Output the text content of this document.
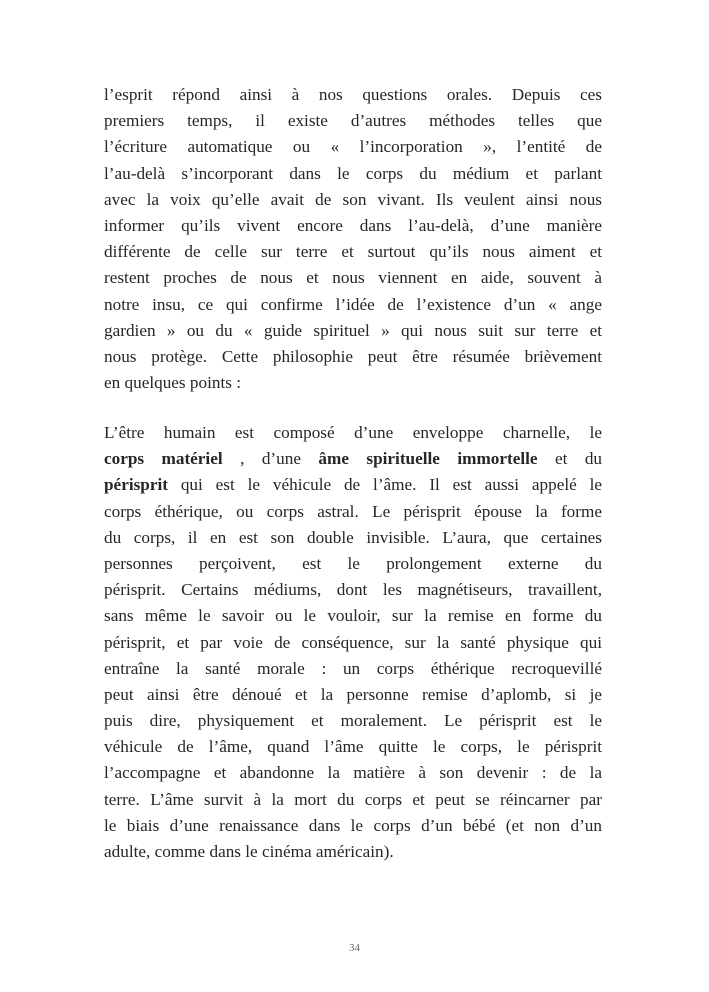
l’esprit répond ainsi à nos questions orales. Depuis ces
premiers temps, il existe d’autres méthodes telles que
l’écriture automatique ou « l’incorporation », l’entité de
l’au-delà s’incorporant dans le corps du médium et parlant
avec la voix qu’elle avait de son vivant. Ils veulent ainsi nous
informer qu’ils vivent encore dans l’au-delà, d’une manière
différente de celle sur terre et surtout qu’ils nous aiment et
restent proches de nous et nous viennent en aide, souvent à
notre insu, ce qui confirme l’idée de l’existence d’un « ange
gardien » ou du « guide spirituel » qui nous suit sur terre et
nous protège. Cette philosophie peut être résumée brièvement
en quelques points :
L’être humain est composé d’une enveloppe charnelle, le
corps matériel , d’une âme spirituelle immortelle et du
périsprit qui est le véhicule de l’âme. Il est aussi appelé le
corps éthérique, ou corps astral. Le périsprit épouse la forme
du corps, il en est son double invisible. L’aura, que certaines
personnes perçoivent, est le prolongement externe du
périsprit. Certains médiums, dont les magnétiseurs, travaillent,
sans même le savoir ou le vouloir, sur la remise en forme du
périsprit, et par voie de conséquence, sur la santé physique qui
entraîne la santé morale : un corps éthérique recroquevillé
peut ainsi être dénoué et la personne remise d’aplomb, si je
puis dire, physiquement et moralement. Le périsprit est le
véhicule de l’âme, quand l’âme quitte le corps, le périsprit
l’accompagne et abandonne la matière à son devenir : de la
terre. L’âme survit à la mort du corps et peut se réincarner par
le biais d’une renaissance dans le corps d’un bébé (et non d’un
adulte, comme dans le cinéma américain).
34
